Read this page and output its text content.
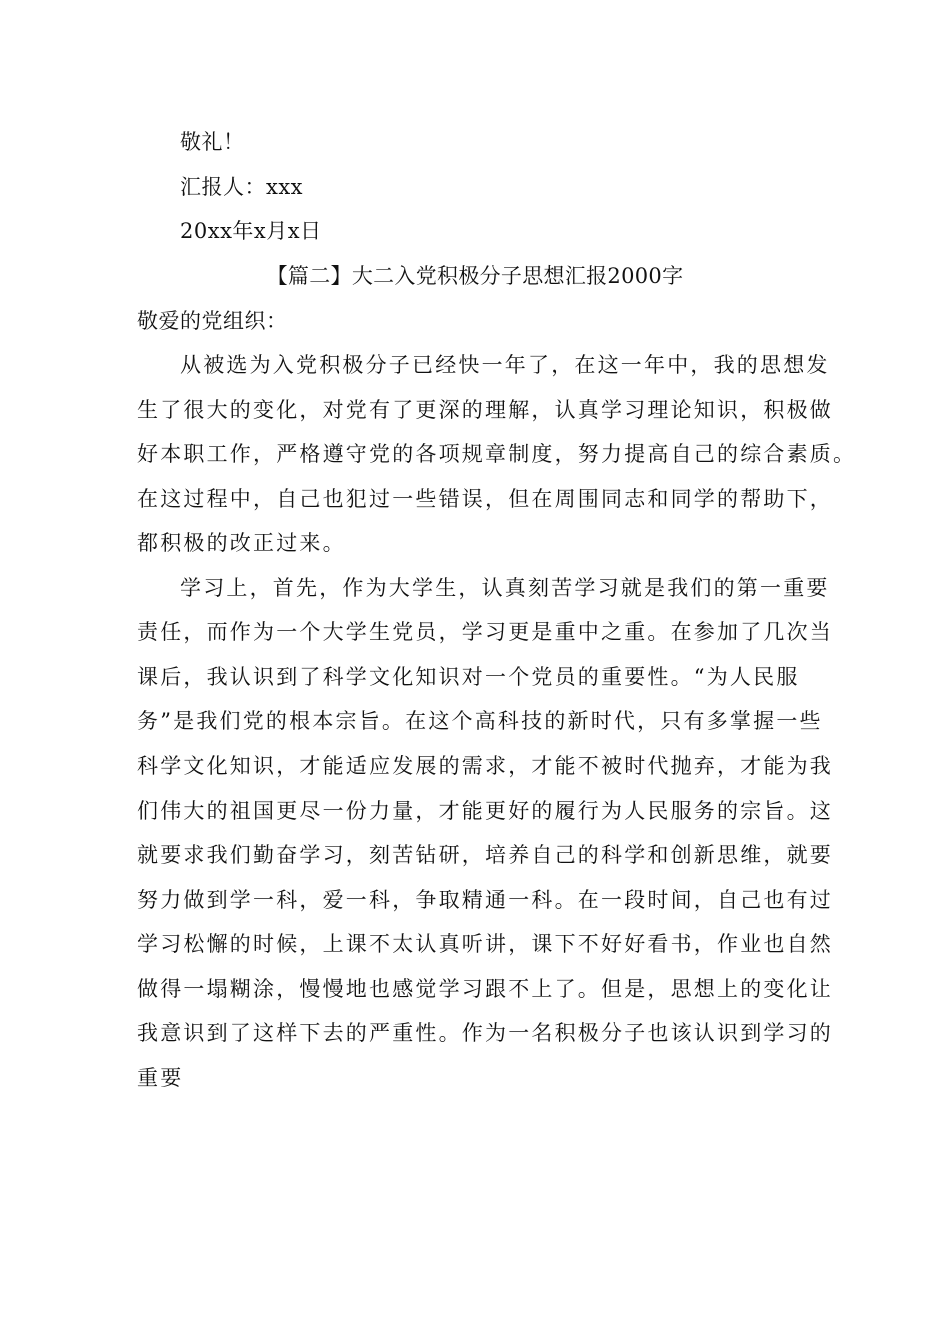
敬礼！
汇报人：xxx
20xx年x月x日
【篇二】大二入党积极分子思想汇报2000字
敬爱的党组织：
从被选为入党积极分子已经快一年了，在这一年中，我的思想发
生了很大的变化，对党有了更深的理解，认真学习理论知识，积极做
好本职工作，严格遵守党的各项规章制度，努力提高自己的综合素质。
在这过程中，自己也犯过一些错误，但在周围同志和同学的帮助下，
都积极的改正过来。
学习上，首先，作为大学生，认真刻苦学习就是我们的第一重要
责任，而作为一个大学生党员，学习更是重中之重。在参加了几次当
课后，我认识到了科学文化知识对一个党员的重要性。“为人民服
务”是我们党的根本宗旨。在这个高科技的新时代，只有多掌握一些
科学文化知识，才能适应发展的需求，才能不被时代抛弃，才能为我
们伟大的祖国更尽一份力量，才能更好的履行为人民服务的宗旨。这
就要求我们勤奋学习，刻苦钻研，培养自己的科学和创新思维，就要
努力做到学一科，爱一科，争取精通一科。在一段时间，自己也有过
学习松懈的时候，上课不太认真听讲，课下不好好看书，作业也自然
做得一塌糊涂，慢慢地也感觉学习跟不上了。但是，思想上的变化让
我意识到了这样下去的严重性。作为一名积极分子也该认识到学习的
重要
